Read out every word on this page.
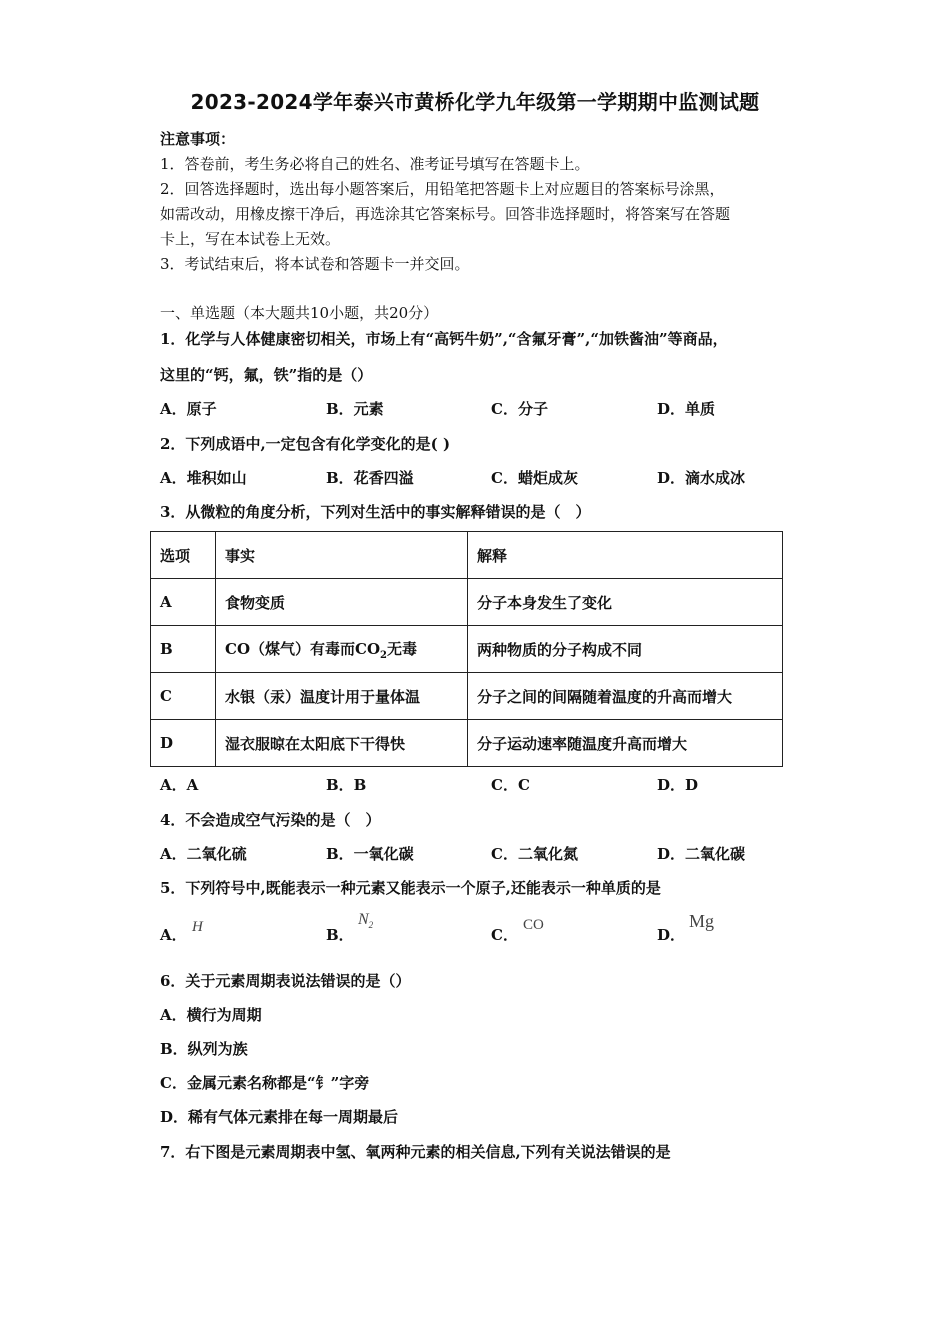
2023-2024学年泰兴市黄桥化学九年级第一学期期中监测试题
注意事项：
1．答卷前，考生务必将自己的姓名、准考证号填写在答题卡上。
2．回答选择题时，选出每小题答案后，用铅笔把答题卡上对应题目的答案标号涂黑，
如需改动，用橡皮擦干净后，再选涂其它答案标号。回答非选择题时，将答案写在答题
卡上，写在本试卷上无效。
3．考试结束后，将本试卷和答题卡一并交回。
一、单选题（本大题共10小题，共20分）
1．化学与人体健康密切相关，市场上有“高钙牛奶”,“含氟牙膏”,“加铁酱油”等商品，
这里的“钙，氟，铁”指的是（）
A．原子	B．元素	C．分子	D．单质
2．下列成语中,一定包含有化学变化的是( )
A．堆积如山	B．花香四溢	C．蜡炬成灰	D．滴水成冰
3．从微粒的角度分析，下列对生活中的事实解释错误的是（　）
选项	事实	解释
A	食物变质	分子本身发生了变化
B	CO（煤气）有毒而$CO_2$无毒	两种物质的分子构成不同
C	水银（汞）温度计用于量体温	分子之间的间隔随着温度的升高而增大
D	湿衣服晾在太阳底下干得快	分子运动速率随温度升高而增大
A．A	B．B	C．C	D．D
4．不会造成空气污染的是（　）
A．二氧化硫	B．一氧化碳	C．二氧化氮	D．二氧化碳
5．下列符号中,既能表示一种元素又能表示一个原子,还能表示一种单质的是
A． H	B．
$N_2$
C．
CO
D．
Mg
6．关于元素周期表说法错误的是（）
A．横行为周期
B．纵列为族
C．金属元素名称都是“钅”字旁
D．稀有气体元素排在每一周期最后
7．右下图是元素周期表中氢、氧两种元素的相关信息,下列有关说法错误的是
